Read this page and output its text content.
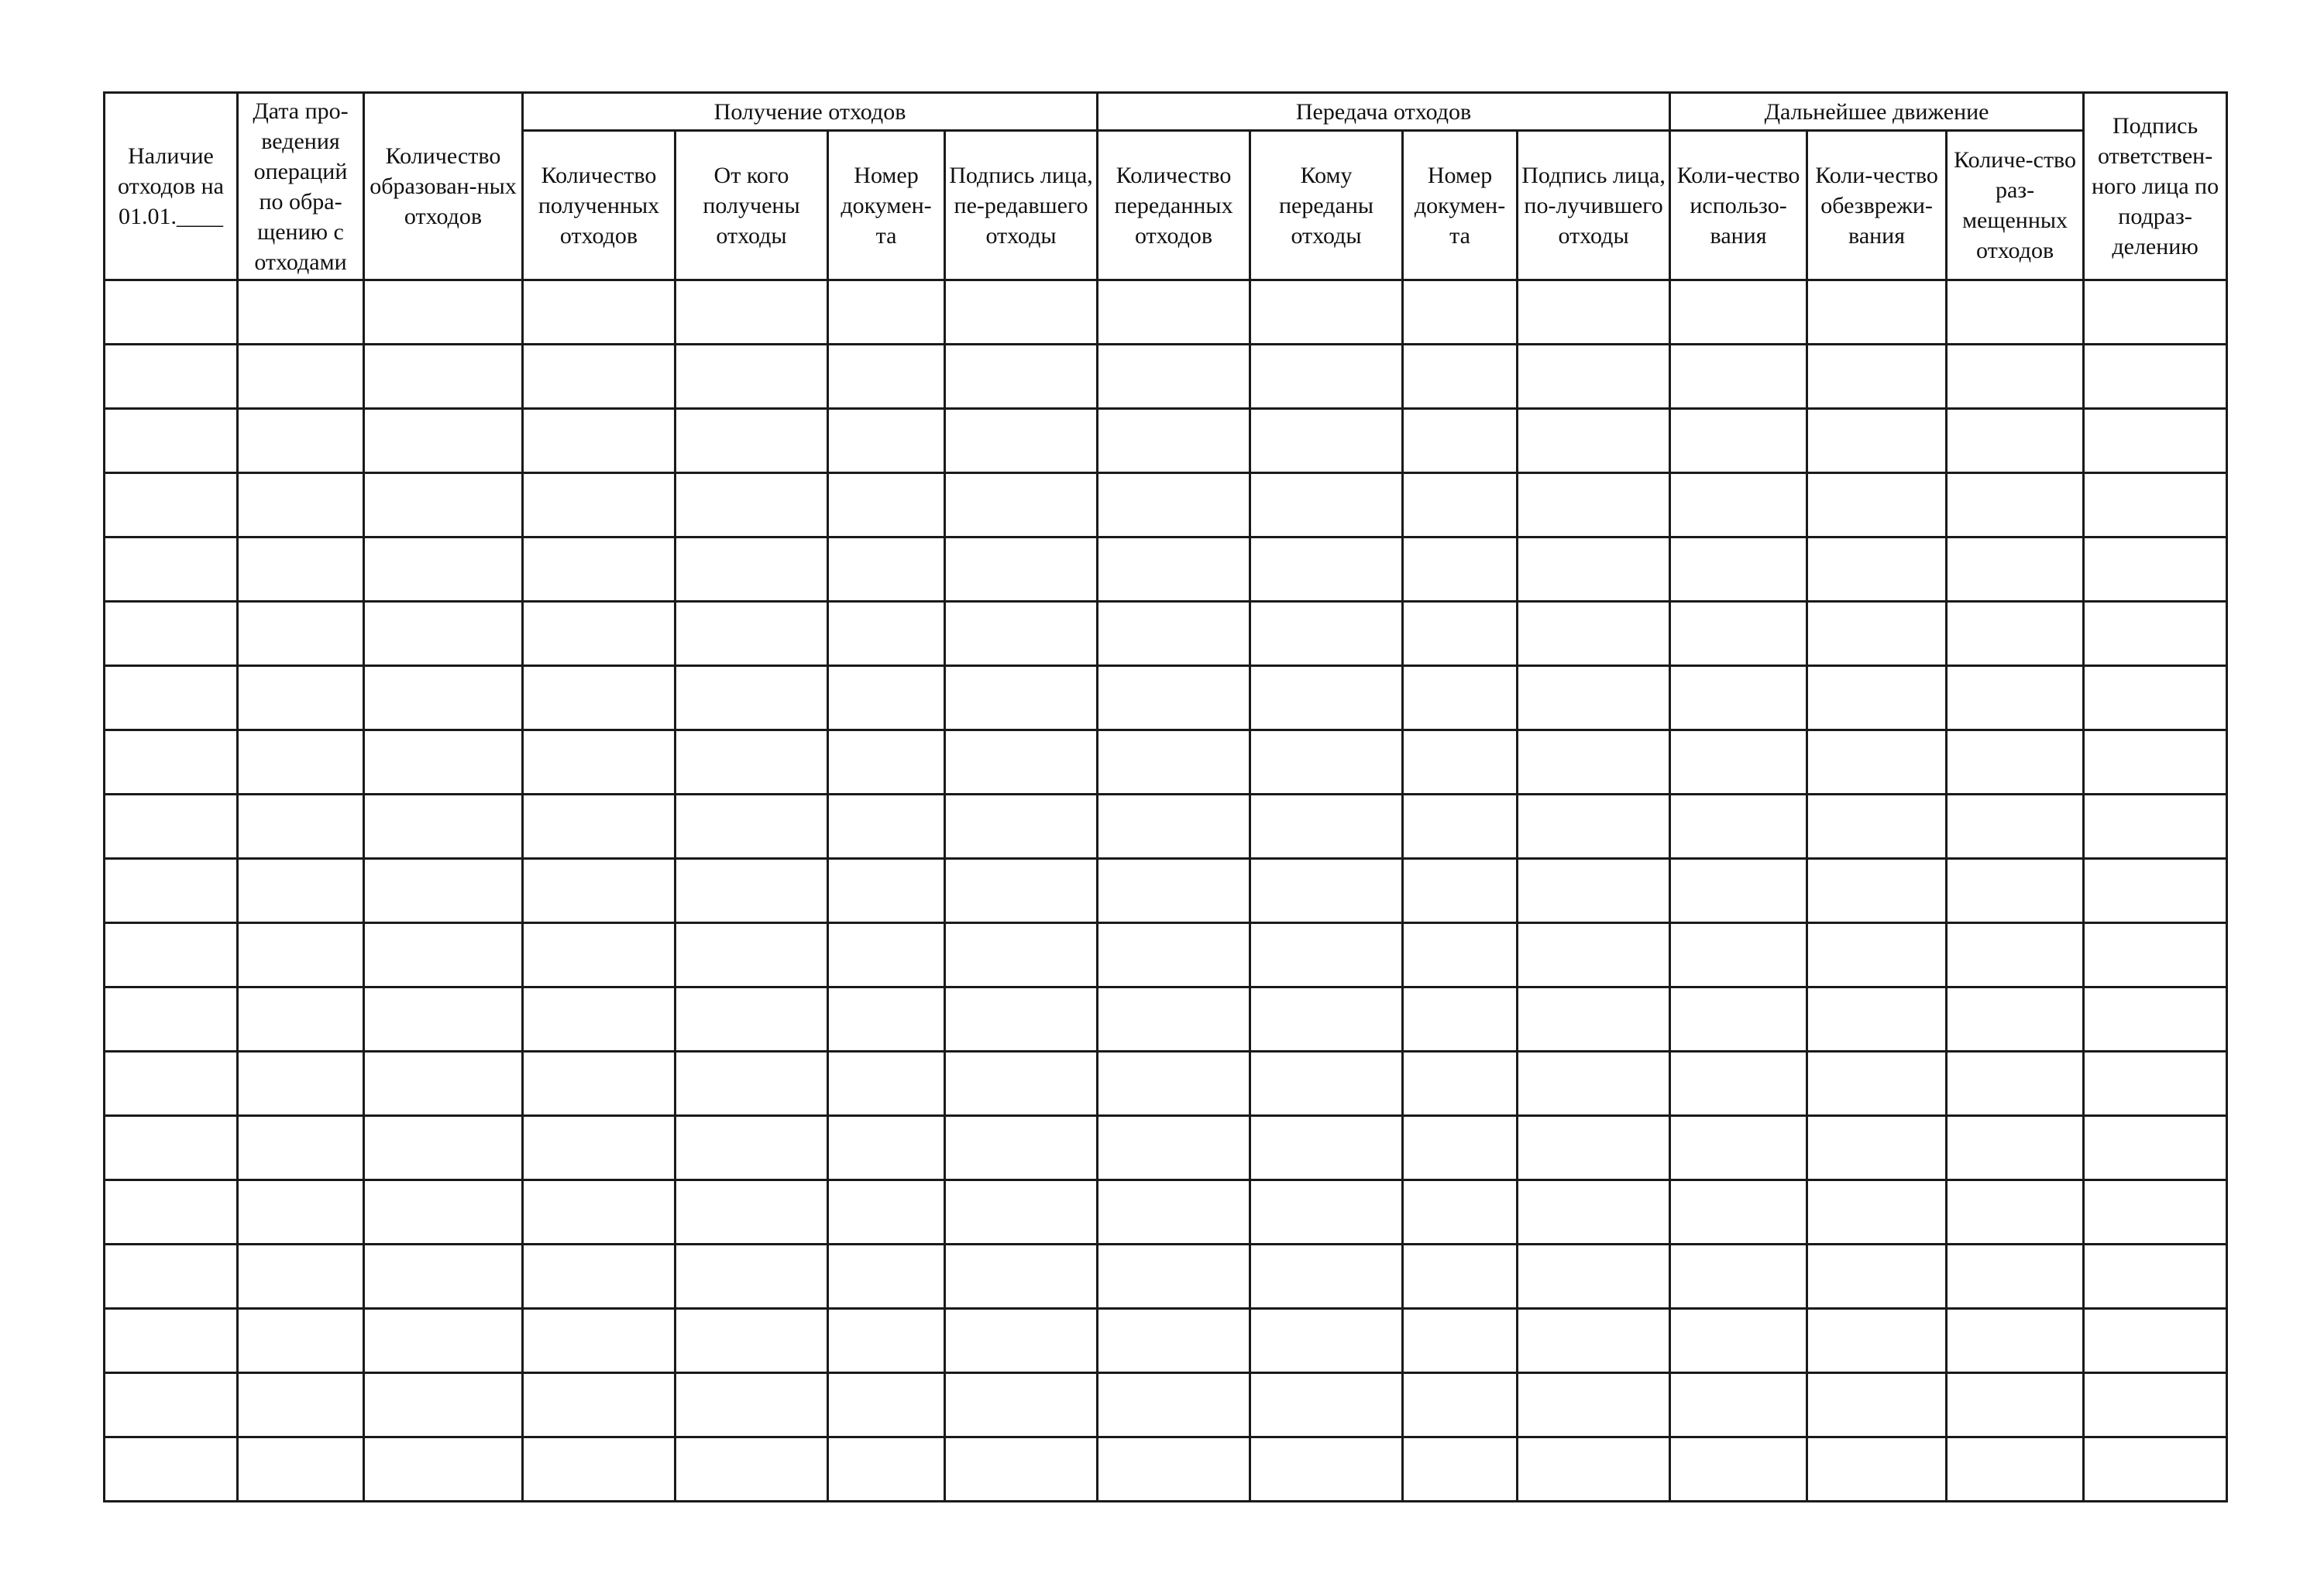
Наличие отходов на 01.01.____	Дата про-ведения операций по обра-щению с отходами	Количество образован-ных отходов	Получение отходов				Передача отходов				Дальнейшее движение			Подпись ответствен-ного лица по подраз-делению

			Количество полученных отходов	От кого получены отходы	Номер докумен-та	Подпись лица, пе-редавшего отходы	Количество переданных отходов	Кому переданы отходы	Номер докумен-та	Подпись лица, по-лучившего отходы	Коли-чество использо-вания	Коли-чество обезврежи-вания	Количе-ство раз-мещенных отходов	
